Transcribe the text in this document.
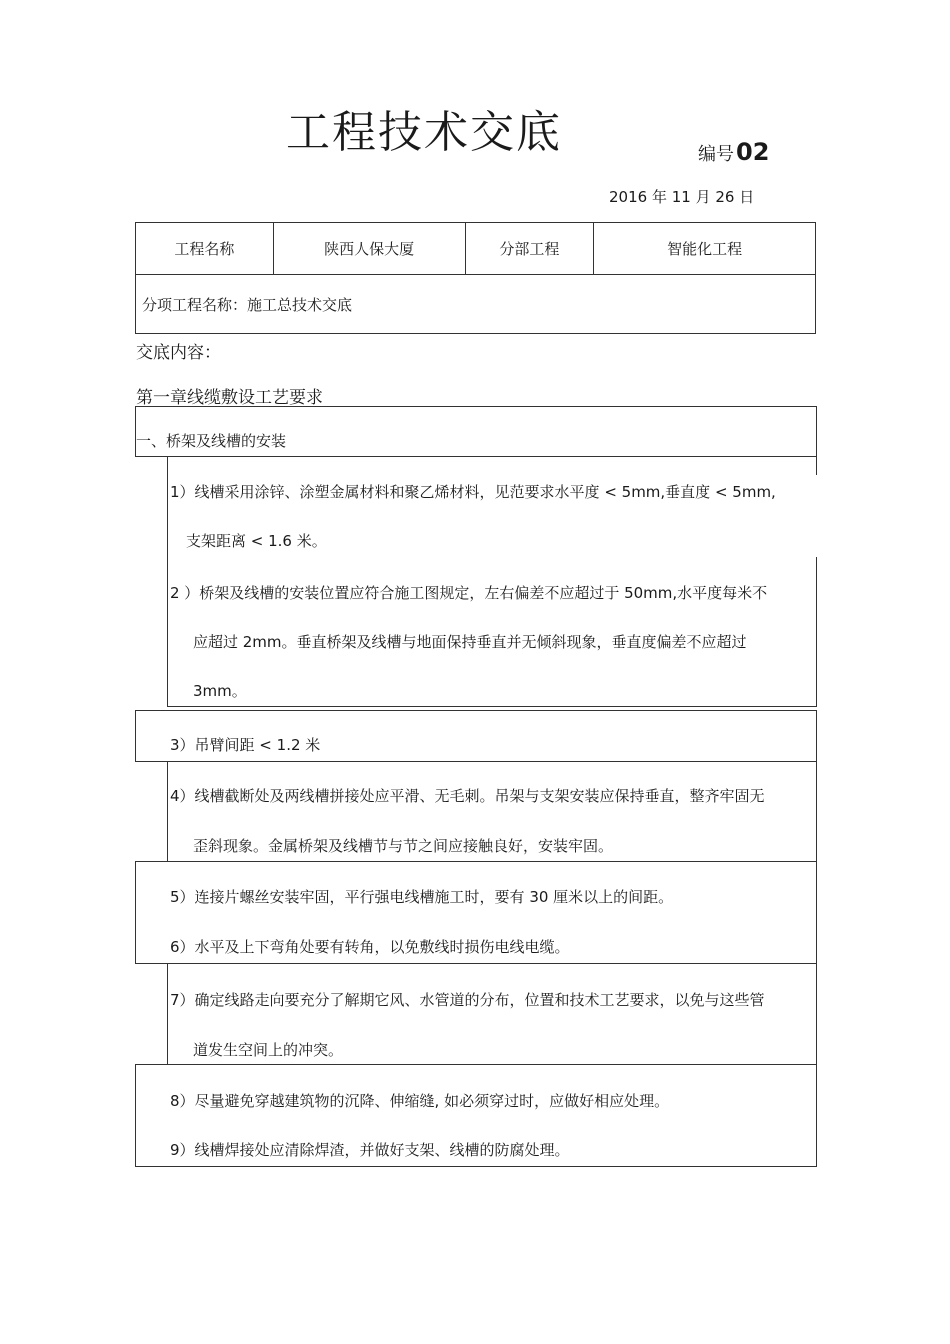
工程技术交底	编号02
2016 年 11 月 26 日
工程名称	陕西人保大厦	分部工程	智能化工程
分项工程名称：施工总技术交底
交底内容：
第一章线缆敷设工艺要求
一、桥架及线槽的安装
1）线槽采用涂锌、涂塑金属材料和聚乙烯材料，见范要求水平度 < 5mm,垂直度 < 5mm,
支架距离 < 1.6 米。
2 ）桥架及线槽的安装位置应符合施工图规定，左右偏差不应超过于 50mm,水平度每米不
应超过 2mm。垂直桥架及线槽与地面保持垂直并无倾斜现象，垂直度偏差不应超过
3mm。
3）吊臂间距 < 1.2 米
4）线槽截断处及两线槽拼接处应平滑、无毛刺。吊架与支架安装应保持垂直，整齐牢固无
歪斜现象。金属桥架及线槽节与节之间应接触良好，安装牢固。
5）连接片螺丝安装牢固，平行强电线槽施工时，要有 30 厘米以上的间距。
6）水平及上下弯角处要有转角，以免敷线时损伤电线电缆。
7）确定线路走向要充分了解期它风、水管道的分布，位置和技术工艺要求，以免与这些管
道发生空间上的冲突。
8）尽量避免穿越建筑物的沉降、伸缩缝, 如必须穿过时，应做好相应处理。
9）线槽焊接处应清除焊渣，并做好支架、线槽的防腐处理。
